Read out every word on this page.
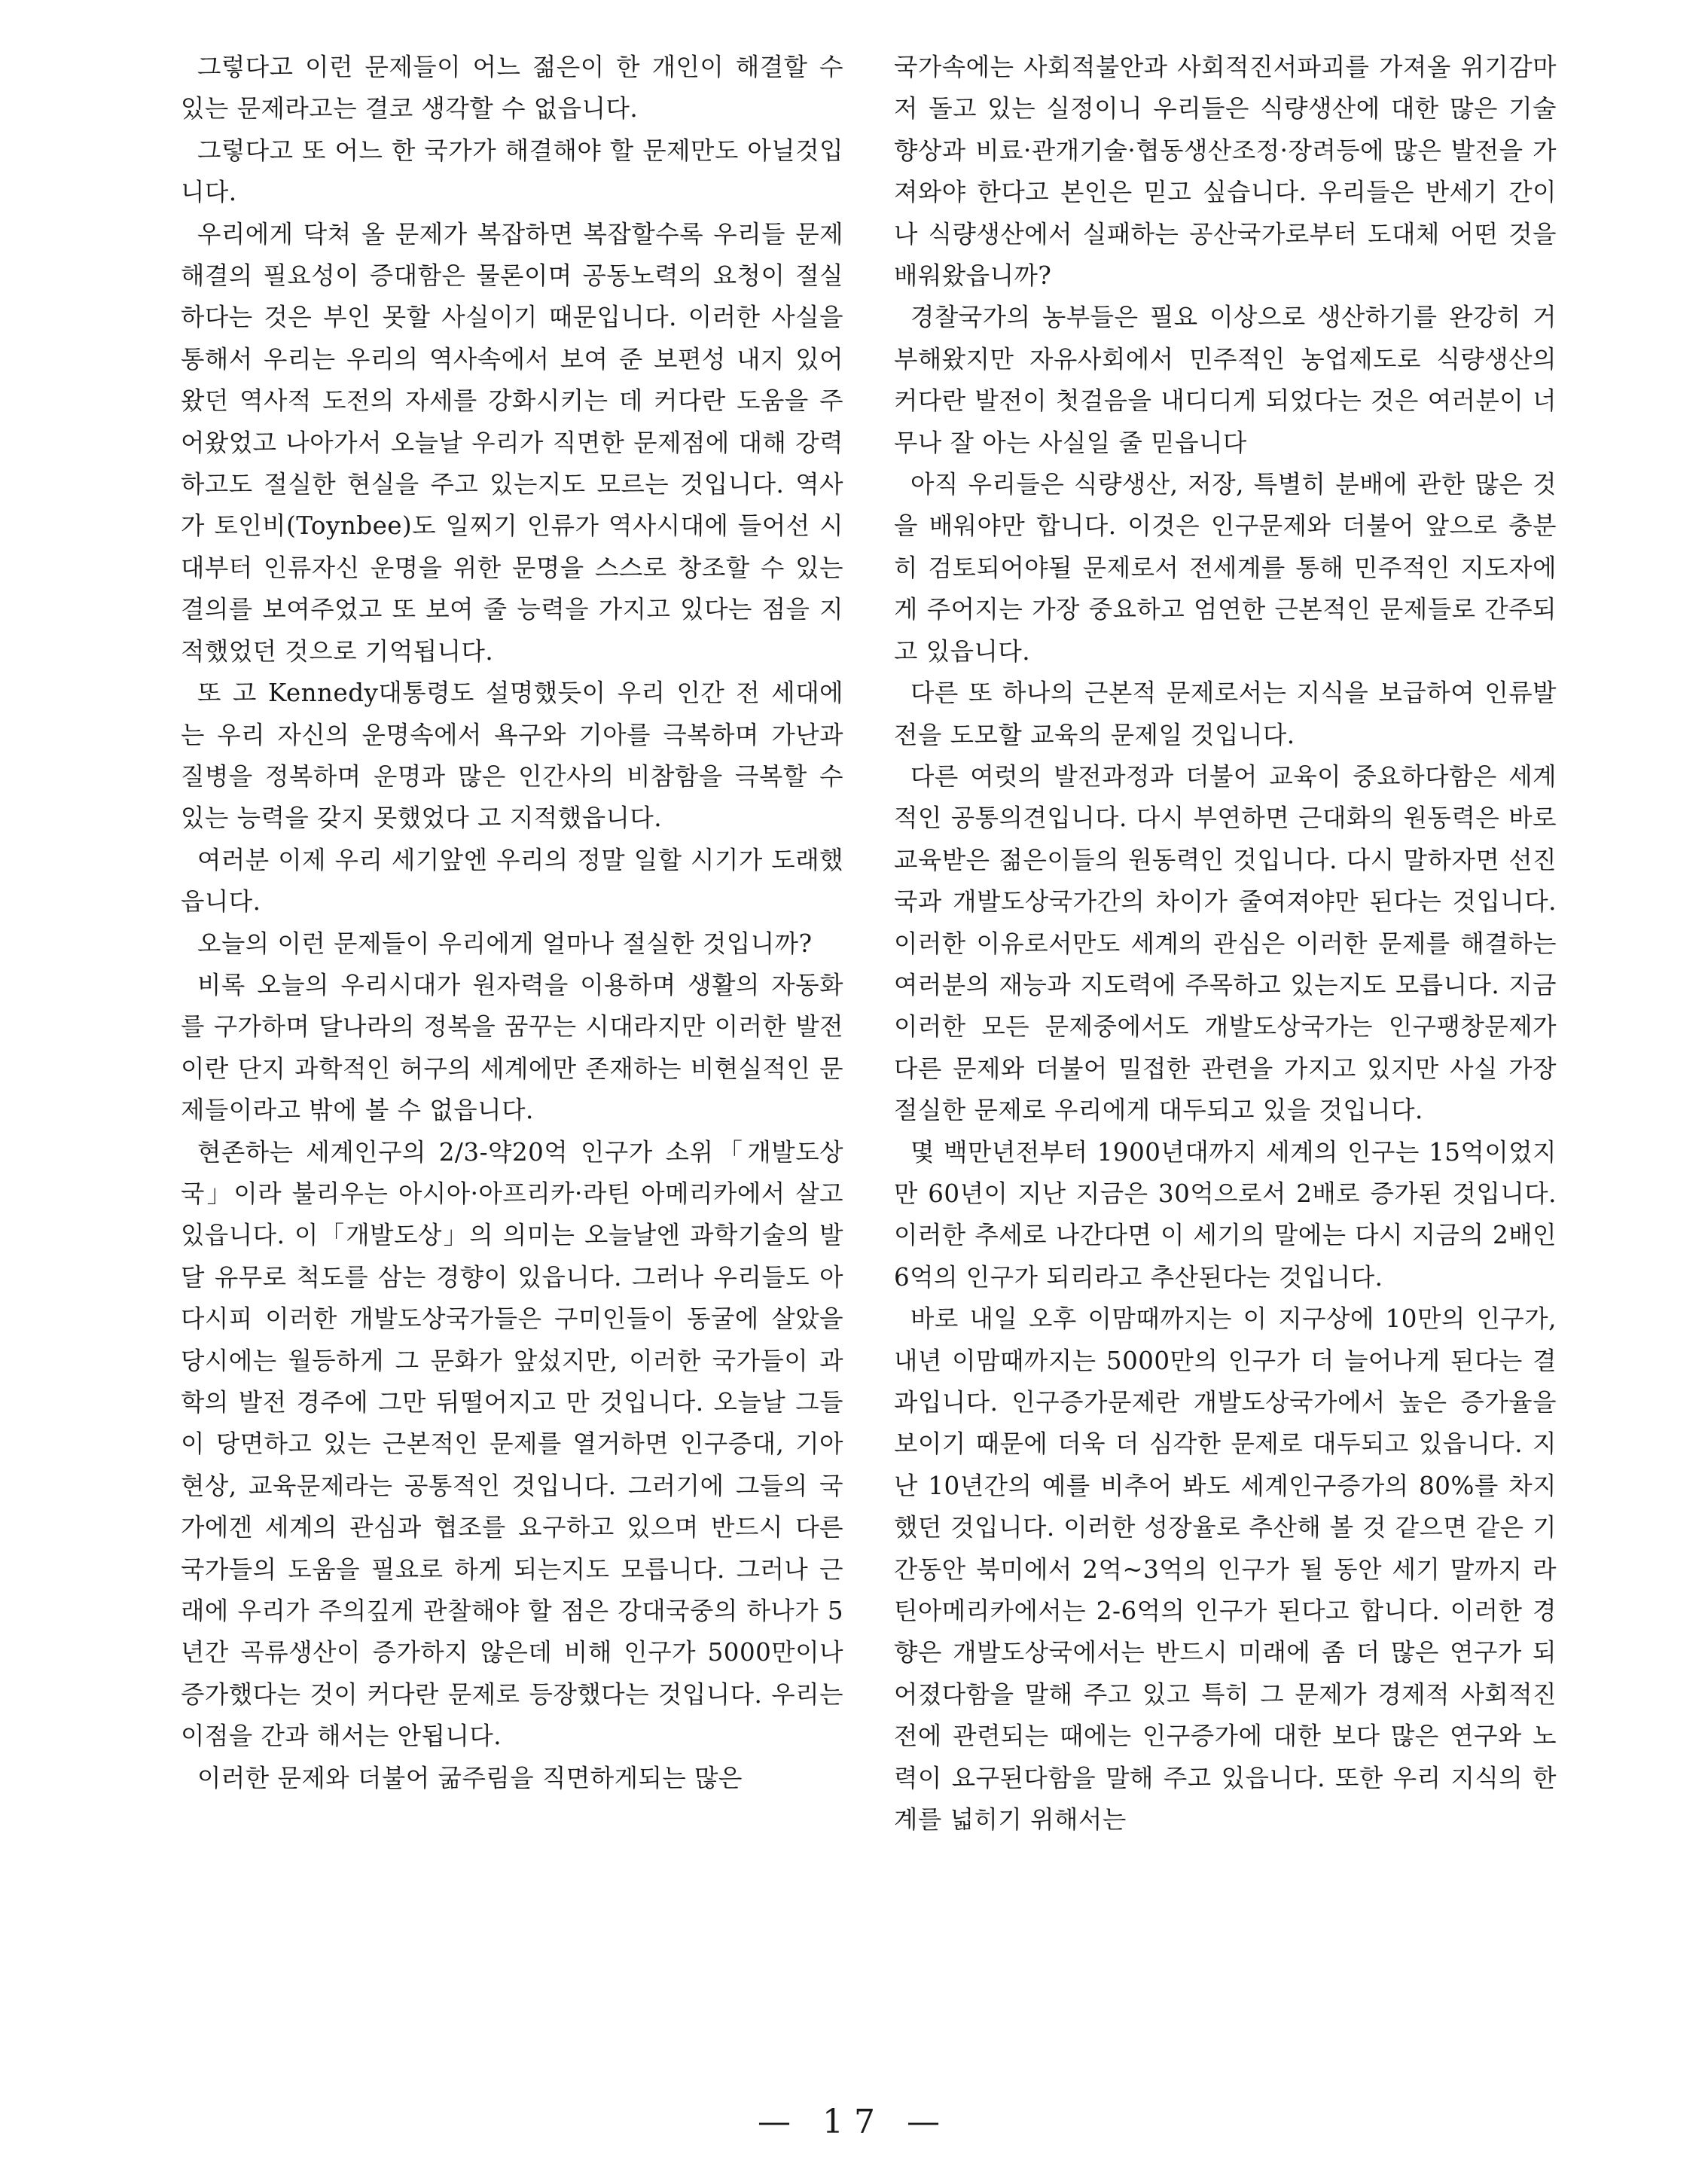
그렇다고 이런 문제들이 어느 젊은이 한 개인이 해결할 수 있는 문제라고는 결코 생각할 수 없읍니다.

그렇다고 또 어느 한 국가가 해결해야 할 문제만도 아닐것입니다.

우리에게 닥쳐 올 문제가 복잡하면 복잡할수록 우리들 문제해결의 필요성이 증대함은 물론이며 공동노력의 요청이 절실하다는 것은 부인 못할 사실이기 때문입니다. 이러한 사실을 통해서 우리는 우리의 역사속에서 보여 준 보편성 내지 있어 왔던 역사적 도전의 자세를 강화시키는 데 커다란 도움을 주어왔었고 나아가서 오늘날 우리가 직면한 문제점에 대해 강력하고도 절실한 현실을 주고 있는지도 모르는 것입니다. 역사가 토인비(Toynbee)도 일찌기 인류가 역사시대에 들어선 시대부터 인류자신 운명을 위한 문명을 스스로 창조할 수 있는 결의를 보여주었고 또 보여 줄 능력을 가지고 있다는 점을 지적했었던 것으로 기억됩니다.

또 고 Kennedy대통령도 설명했듯이 우리 인간 전 세대에는 우리 자신의 운명속에서 욕구와 기아를 극복하며 가난과 질병을 정복하며 운명과 많은 인간사의 비참함을 극복할 수 있는 능력을 갖지 못했었다 고 지적했읍니다.

여러분 이제 우리 세기앞엔 우리의 정말 일할 시기가 도래했읍니다.

오늘의 이런 문제들이 우리에게 얼마나 절실한 것입니까?

비록 오늘의 우리시대가 원자력을 이용하며 생활의 자동화를 구가하며 달나라의 정복을 꿈꾸는 시대라지만 이러한 발전이란 단지 과학적인 허구의 세계에만 존재하는 비현실적인 문제들이라고 밖에 볼 수 없읍니다.

현존하는 세계인구의 2/3-약20억 인구가 소위「개발도상국」이라 불리우는 아시아·아프리카·라틴 아메리카에서 살고 있읍니다. 이「개발도상」의 의미는 오늘날엔 과학기술의 발달 유무로 척도를 삼는 경향이 있읍니다. 그러나 우리들도 아다시피 이러한 개발도상국가들은 구미인들이 동굴에 살았을 당시에는 월등하게 그 문화가 앞섰지만, 이러한 국가들이 과학의 발전 경주에 그만 뒤떨어지고 만 것입니다. 오늘날 그들이 당면하고 있는 근본적인 문제를 열거하면 인구증대, 기아현상, 교육문제라는 공통적인 것입니다. 그러기에 그들의 국가에겐 세계의 관심과 협조를 요구하고 있으며 반드시 다른 국가들의 도움을 필요로 하게 되는지도 모릅니다. 그러나 근래에 우리가 주의깊게 관찰해야 할 점은 강대국중의 하나가 5년간 곡류생산이 증가하지 않은데 비해 인구가 5000만이나 증가했다는 것이 커다란 문제로 등장했다는 것입니다. 우리는 이점을 간과 해서는 안됩니다.

이러한 문제와 더불어 굶주림을 직면하게되는 많은

국가속에는 사회적불안과 사회적진서파괴를 가져올 위기감마저 돌고 있는 실정이니 우리들은 식량생산에 대한 많은 기술향상과 비료·관개기술·협동생산조정·장려등에 많은 발전을 가져와야 한다고 본인은 믿고 싶습니다. 우리들은 반세기 간이나 식량생산에서 실패하는 공산국가로부터 도대체 어떤 것을 배워왔읍니까?

경찰국가의 농부들은 필요 이상으로 생산하기를 완강히 거부해왔지만 자유사회에서 민주적인 농업제도로 식량생산의 커다란 발전이 첫걸음을 내디디게 되었다는 것은 여러분이 너무나 잘 아는 사실일 줄 믿읍니다

아직 우리들은 식량생산, 저장, 특별히 분배에 관한 많은 것을 배워야만 합니다. 이것은 인구문제와 더불어 앞으로 충분히 검토되어야될 문제로서 전세계를 통해 민주적인 지도자에게 주어지는 가장 중요하고 엄연한 근본적인 문제들로 간주되고 있읍니다.

다른 또 하나의 근본적 문제로서는 지식을 보급하여 인류발전을 도모할 교육의 문제일 것입니다.

다른 여럿의 발전과정과 더불어 교육이 중요하다함은 세계적인 공통의견입니다. 다시 부연하면 근대화의 원동력은 바로 교육받은 젊은이들의 원동력인 것입니다. 다시 말하자면 선진국과 개발도상국가간의 차이가 줄여져야만 된다는 것입니다. 이러한 이유로서만도 세계의 관심은 이러한 문제를 해결하는 여러분의 재능과 지도력에 주목하고 있는지도 모릅니다. 지금 이러한 모든 문제중에서도 개발도상국가는 인구팽창문제가 다른 문제와 더불어 밀접한 관련을 가지고 있지만 사실 가장 절실한 문제로 우리에게 대두되고 있을 것입니다.

몇 백만년전부터 1900년대까지 세계의 인구는 15억이었지만 60년이 지난 지금은 30억으로서 2배로 증가된 것입니다. 이러한 추세로 나간다면 이 세기의 말에는 다시 지금의 2배인 6억의 인구가 되리라고 추산된다는 것입니다.

바로 내일 오후 이맘때까지는 이 지구상에 10만의 인구가, 내년 이맘때까지는 5000만의 인구가 더 늘어나게 된다는 결과입니다. 인구증가문제란 개발도상국가에서 높은 증가율을 보이기 때문에 더욱 더 심각한 문제로 대두되고 있읍니다. 지난 10년간의 예를 비추어 봐도 세계인구증가의 80%를 차지했던 것입니다. 이러한 성장율로 추산해 볼 것 같으면 같은 기간동안 북미에서 2억~3억의 인구가 될 동안 세기 말까지 라틴아메리카에서는 2-6억의 인구가 된다고 합니다. 이러한 경향은 개발도상국에서는 반드시 미래에 좀 더 많은 연구가 되어졌다함을 말해 주고 있고 특히 그 문제가 경제적 사회적진전에 관련되는 때에는 인구증가에 대한 보다 많은 연구와 노력이 요구된다함을 말해 주고 있읍니다. 또한 우리 지식의 한계를 넓히기 위해서는

— 17 —
